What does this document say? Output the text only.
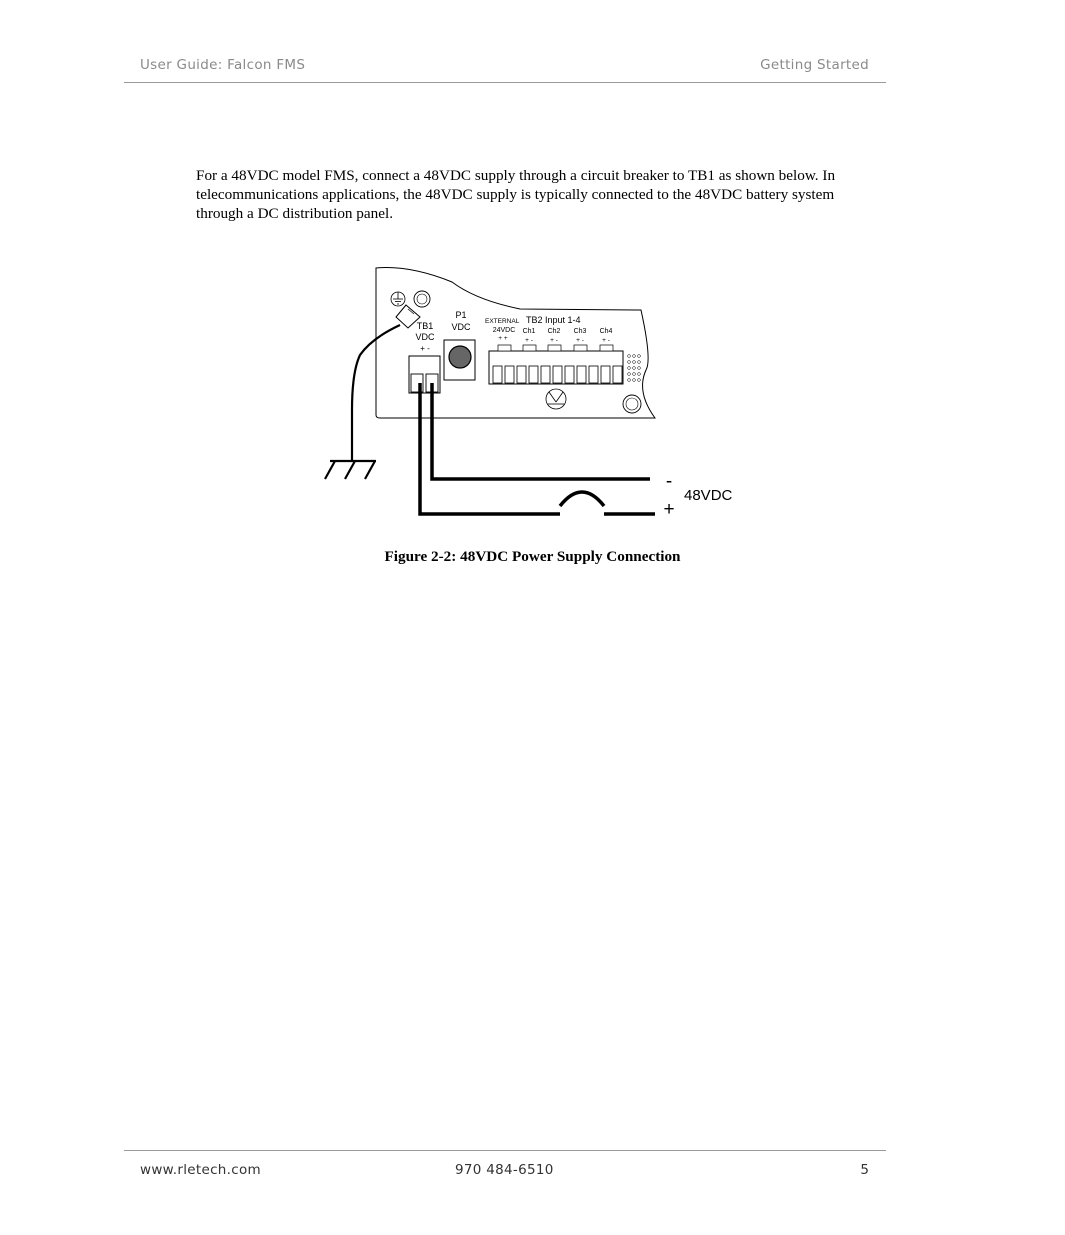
User Guide: Falcon FMS	Getting Started

For a 48VDC model FMS, connect a 48VDC supply through a circuit breaker to TB1 as shown below. In telecommunications applications, the 48VDC supply is typically connected to the 48VDC battery system through a DC distribution panel.

TB1
VDC
+ -
P1
VDC
EXTERNAL TB2 Input 1-4
24VDC Ch1 Ch2 Ch3 Ch4
+ +	+ -	+ -	+ -	+ -
-
+
48VDC
Figure 2-2: 48VDC Power Supply Connection
www.rletech.com	970 484-6510	5
